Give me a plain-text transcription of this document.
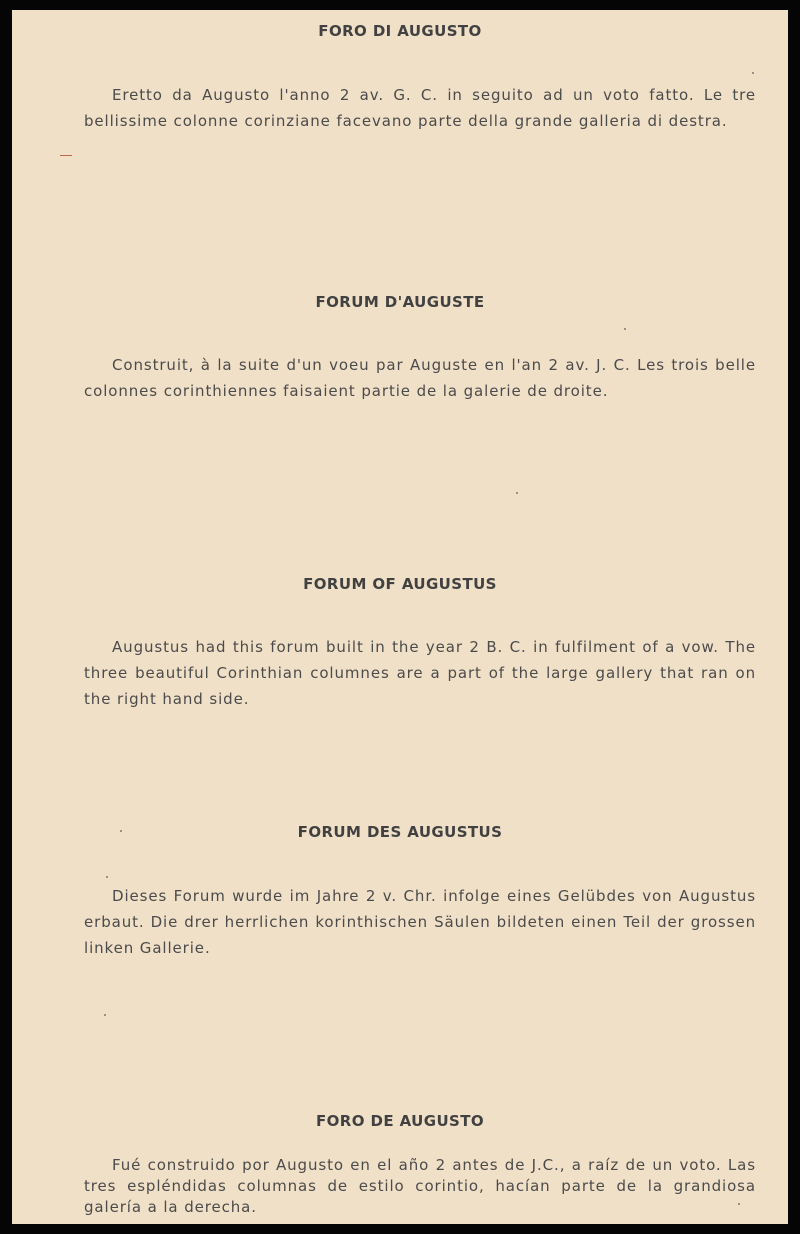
FORO DI AUGUSTO
Eretto da Augusto l'anno 2 av. G. C. in seguito ad un voto fatto. Le tre bellissime colonne corinziane facevano parte della grande galleria di destra.
FORUM D'AUGUSTE
Construit, à la suite d'un voeu par Auguste en l'an 2 av. J. C. Les trois belle colonnes corinthiennes faisaient partie de la galerie de droite.
FORUM OF AUGUSTUS
Augustus had this forum built in the year 2 B. C. in fulfilment of a vow. The three beautiful Corinthian columnes are a part of the large gallery that ran on the right hand side.
FORUM DES AUGUSTUS
Dieses Forum wurde im Jahre 2 v. Chr. infolge eines Gelübdes von Augustus erbaut. Die drer herrlichen korinthischen Säulen bildeten einen Teil der grossen linken Gallerie.
FORO DE AUGUSTO
Fué construido por Augusto en el año 2 antes de J.C., a raíz de un voto. Las tres espléndidas columnas de estilo corintio, hacían parte de la grandiosa galería a la derecha.
